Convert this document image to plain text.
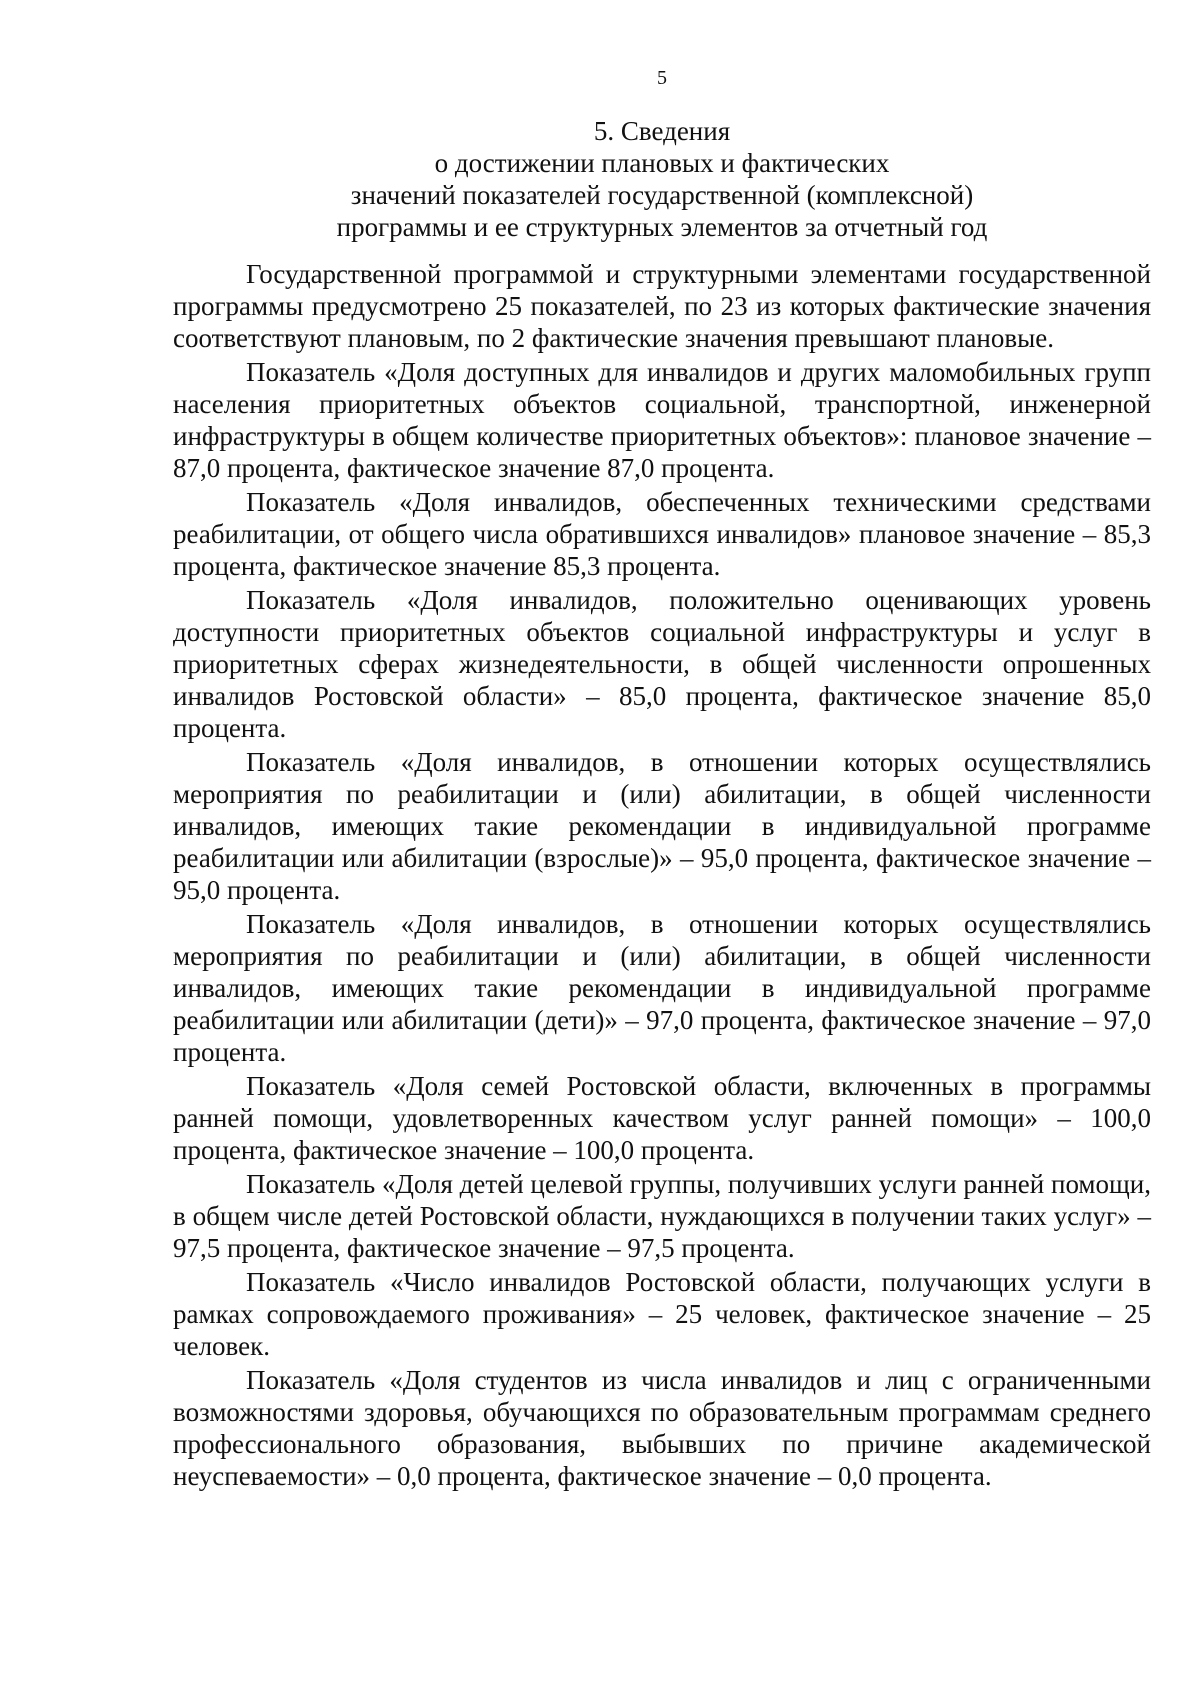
5
5. Сведения
о достижении плановых и фактических
значений показателей государственной (комплексной)
программы и ее структурных элементов за отчетный год

Государственной программой и структурными элементами государственной программы предусмотрено 25 показателей, по 23 из которых фактические значения соответствуют плановым, по 2 фактические значения превышают плановые.

Показатель «Доля доступных для инвалидов и других маломобильных групп населения приоритетных объектов социальной, транспортной, инженерной инфраструктуры в общем количестве приоритетных объектов»: плановое значение – 87,0 процента, фактическое значение 87,0 процента.

Показатель «Доля инвалидов, обеспеченных техническими средствами реабилитации, от общего числа обратившихся инвалидов» плановое значение – 85,3 процента, фактическое значение 85,3 процента.

Показатель «Доля инвалидов, положительно оценивающих уровень доступности приоритетных объектов социальной инфраструктуры и услуг в приоритетных сферах жизнедеятельности, в общей численности опрошенных инвалидов Ростовской области» – 85,0 процента, фактическое значение 85,0 процента.

Показатель «Доля инвалидов, в отношении которых осуществлялись мероприятия по реабилитации и (или) абилитации, в общей численности инвалидов, имеющих такие рекомендации в индивидуальной программе реабилитации или абилитации (взрослые)» – 95,0 процента, фактическое значение – 95,0 процента.

Показатель «Доля инвалидов, в отношении которых осуществлялись мероприятия по реабилитации и (или) абилитации, в общей численности инвалидов, имеющих такие рекомендации в индивидуальной программе реабилитации или абилитации (дети)» – 97,0 процента, фактическое значение – 97,0 процента.

Показатель «Доля семей Ростовской области, включенных в программы ранней помощи, удовлетворенных качеством услуг ранней помощи» – 100,0 процента, фактическое значение – 100,0 процента.

Показатель «Доля детей целевой группы, получивших услуги ранней помощи, в общем числе детей Ростовской области, нуждающихся в получении таких услуг» – 97,5 процента, фактическое значение – 97,5 процента.

Показатель «Число инвалидов Ростовской области, получающих услуги в рамках сопровождаемого проживания» – 25 человек, фактическое значение – 25 человек.

Показатель «Доля студентов из числа инвалидов и лиц с ограниченными возможностями здоровья, обучающихся по образовательным программам среднего профессионального образования, выбывших по причине академической неуспеваемости» – 0,0 процента, фактическое значение – 0,0 процента.
